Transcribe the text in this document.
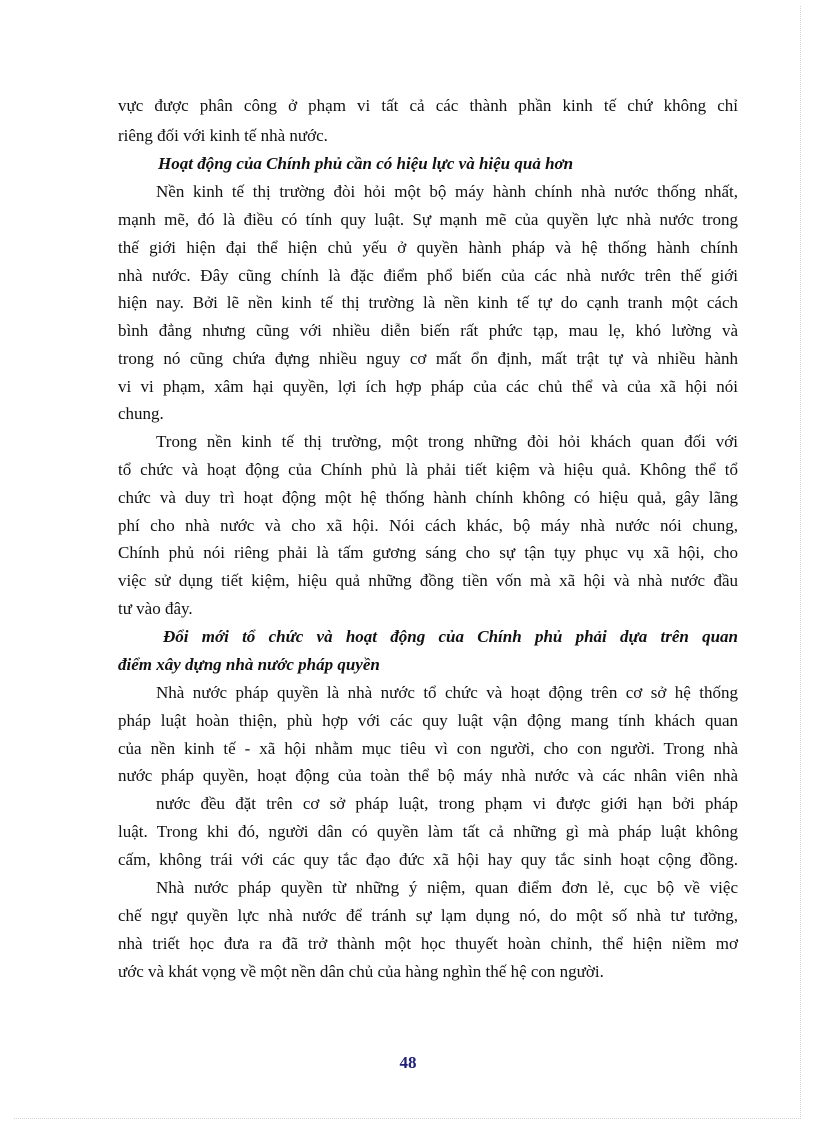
vực được phân công ở phạm vi tất cả các thành phần kinh tế chứ không chỉ
riêng đối với kinh tế nhà nước.
Hoạt động của Chính phủ cần có hiệu lực và hiệu quả hơn
Nền kinh tế thị trường đòi hỏi một bộ máy hành chính nhà nước thống nhất,
mạnh mẽ, đó là điều có tính quy luật. Sự mạnh mẽ của quyền lực nhà nước trong
thế giới hiện đại thể hiện chủ yếu ở quyền hành pháp và hệ thống hành chính
nhà nước. Đây cũng chính là đặc điểm phổ biến của các nhà nước trên thế giới
hiện nay. Bởi lẽ nền kinh tế thị trường là nền kinh tế tự do cạnh tranh một cách
bình đẳng nhưng cũng với nhiều diễn biến rất phức tạp, mau lẹ, khó lường và
trong nó cũng chứa đựng nhiều nguy cơ mất ổn định, mất trật tự và nhiều hành
vi vi phạm, xâm hại quyền, lợi ích hợp pháp của các chủ thể và của xã hội nói
chung.
Trong nền kinh tế thị trường, một trong những đòi hỏi khách quan đối với
tổ chức và hoạt động của Chính phủ là phải tiết kiệm và hiệu quả. Không thể tổ
chức và duy trì hoạt động một hệ thống hành chính không có hiệu quả, gây lãng
phí cho nhà nước và cho xã hội. Nói cách khác, bộ máy nhà nước nói chung,
Chính phủ nói riêng phải là tấm gương sáng cho sự tận tụy phục vụ xã hội, cho
việc sử dụng tiết kiệm, hiệu quả những đồng tiền vốn mà xã hội và nhà nước đầu
tư vào đây.
Đổi mới tổ chức và hoạt động của Chính phủ phải dựa trên quan
điểm xây dựng nhà nước pháp quyền
Nhà nước pháp quyền là nhà nước tổ chức và hoạt động trên cơ sở hệ thống
pháp luật hoàn thiện, phù hợp với các quy luật vận động mang tính khách quan
của nền kinh tế - xã hội nhằm mục tiêu vì con người, cho con người. Trong nhà
nước pháp quyền, hoạt động của toàn thể bộ máy nhà nước và các nhân viên nhà
nước đều đặt trên cơ sở pháp luật, trong phạm vi được giới hạn bởi pháp
luật. Trong khi đó, người dân có quyền làm tất cả những gì mà pháp luật không
cấm, không trái với các quy tắc đạo đức xã hội hay quy tắc sinh hoạt cộng đồng.
Nhà nước pháp quyền từ những ý niệm, quan điểm đơn lẻ, cục bộ về việc
chế ngự quyền lực nhà nước để tránh sự lạm dụng nó, do một số nhà tư tưởng,
nhà triết học đưa ra đã trở thành một học thuyết hoàn chỉnh, thể hiện niềm mơ
ước và khát vọng về một nền dân chủ của hàng nghìn thế hệ con người.
48
